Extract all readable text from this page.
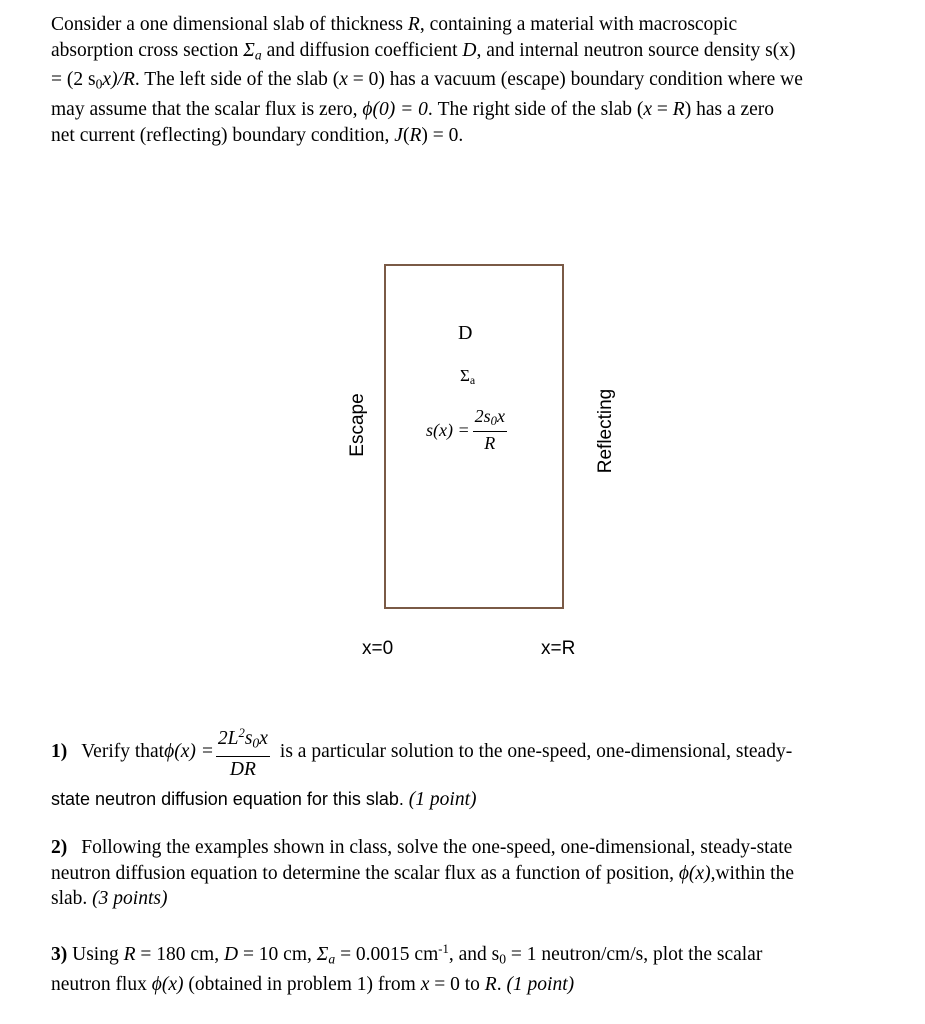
Consider a one dimensional slab of thickness R, containing a material with macroscopic

absorption cross section $\Sigma_a$ and diffusion coefficient D, and internal neutron source density s(x)

= (2 $s_0x)/R$. The left side of the slab (x = 0) has a vacuum (escape) boundary condition where we

may assume that the scalar flux is zero, ϕ(0) = 0. The right side of the slab (x = R) has a zero

net current (reflecting) boundary condition, J(R) = 0.

D
$\Sigma_a$
$s(x) = \frac{2s_0x}{R}$
Escape	Reflecting
x=0	x=R
1) Verify that $\phi(x) = \frac{2L^2s_0x}{DR}$ is a particular solution to the one-speed, one-dimensional, steady-

state neutron diffusion equation for this slab. (1 point)

2) Following the examples shown in class, solve the one-speed, one-dimensional, steady-state

neutron diffusion equation to determine the scalar flux as a function of position, ϕ(x),within the

slab. (3 points)

3) Using R = 180 cm, D = 10 cm, $\Sigma_a = 0.0015$ $cm^{-1}$, and $s_0 = 1$ neutron/cm/s, plot the scalar

neutron flux ϕ(x) (obtained in problem 1) from x = 0 to R. (1 point)
